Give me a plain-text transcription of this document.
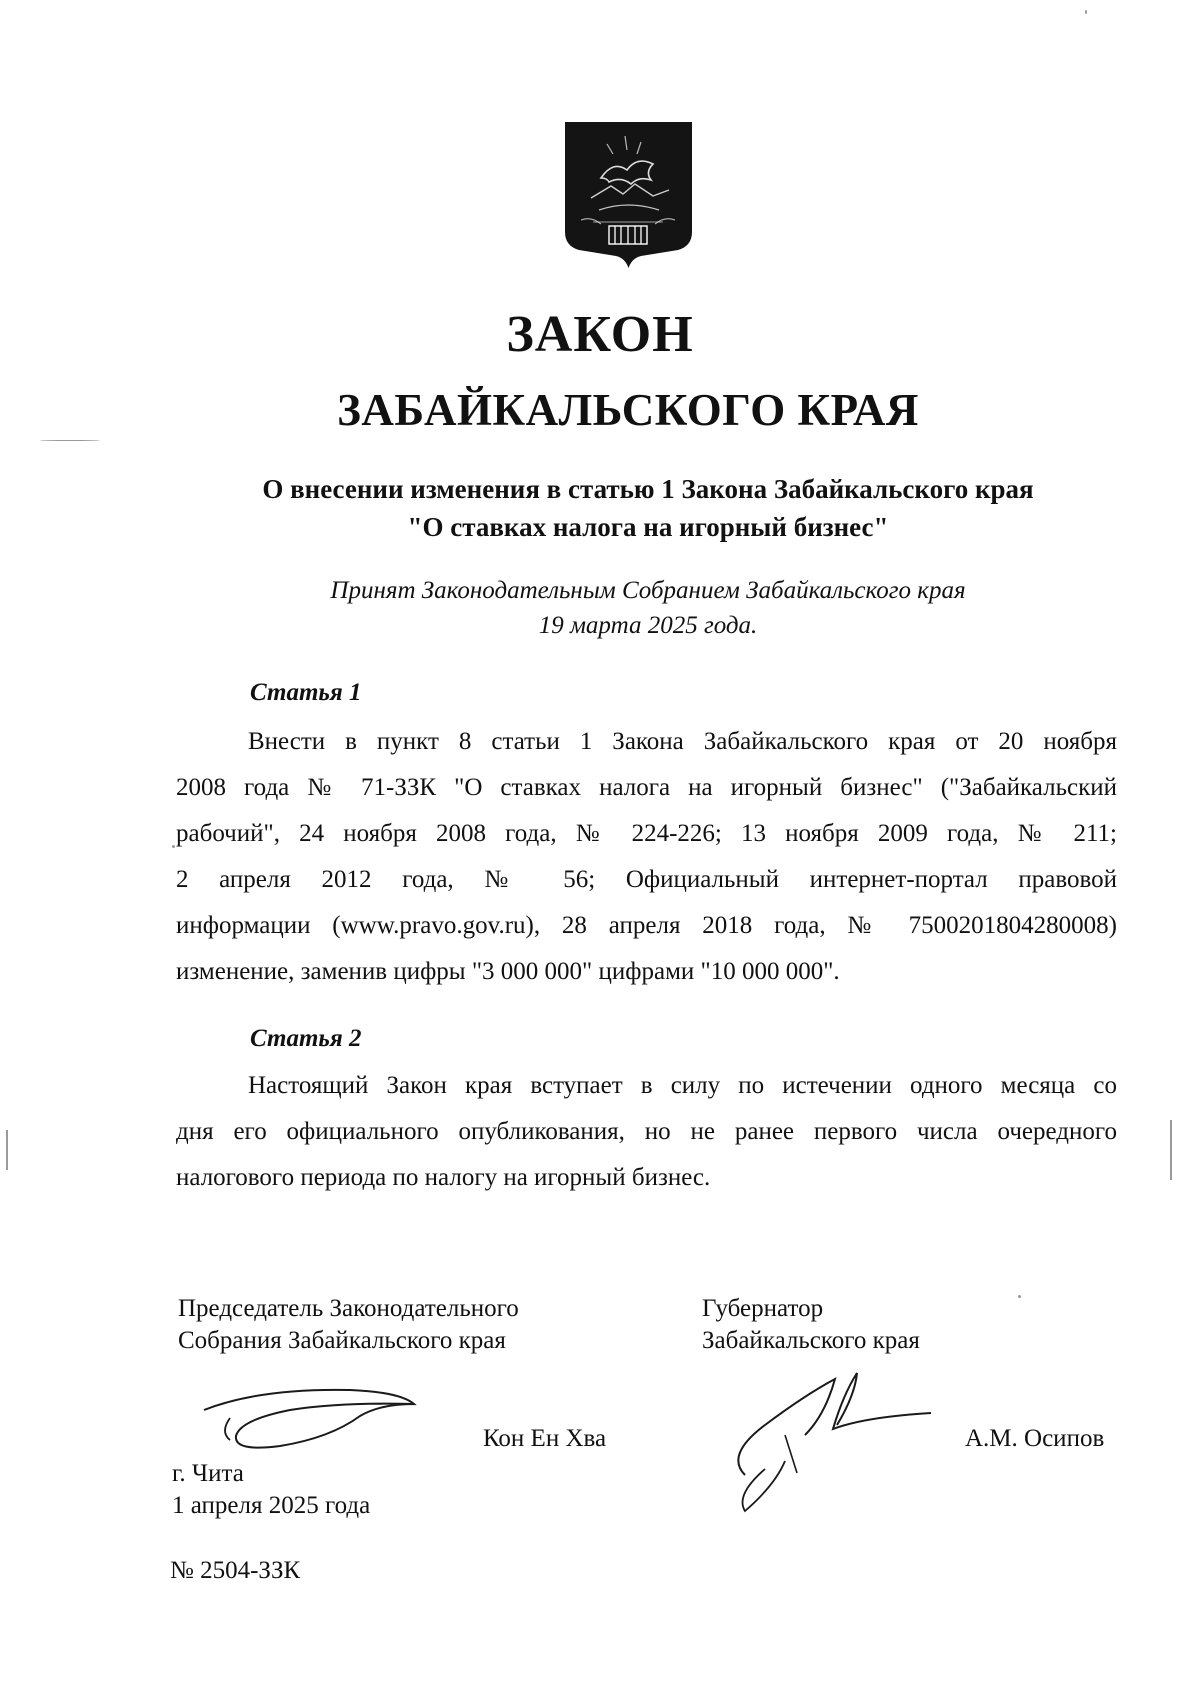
ЗАКОН
ЗАБАЙКАЛЬСКОГО КРАЯ
О внесении изменения в статью 1 Закона Забайкальского края
"О ставках налога на игорный бизнес"
Принят Законодательным Собранием Забайкальского края
19 марта 2025 года.
Статья 1
Внести в пункт 8 статьи 1 Закона Забайкальского края от 20 ноября
2008 года № 71-ЗЗК "О ставках налога на игорный бизнес" ("Забайкальский
рабочий", 24 ноября 2008 года, № 224-226; 13 ноября 2009 года, № 211;
2 апреля 2012 года, № 56; Официальный интернет-портал правовой
информации (www.pravo.gov.ru), 28 апреля 2018 года, № 7500201804280008)
изменение, заменив цифры "3 000 000" цифрами "10 000 000".
Статья 2
Настоящий Закон края вступает в силу по истечении одного месяца со
дня его официального опубликования, но не ранее первого числа очередного
налогового периода по налогу на игорный бизнес.
Председатель Законодательного
Собрания Забайкальского края
Кон Ен Хва
Губернатор
Забайкальского края
А.М. Осипов
г. Чита
1 апреля 2025 года
№ 2504-ЗЗК
